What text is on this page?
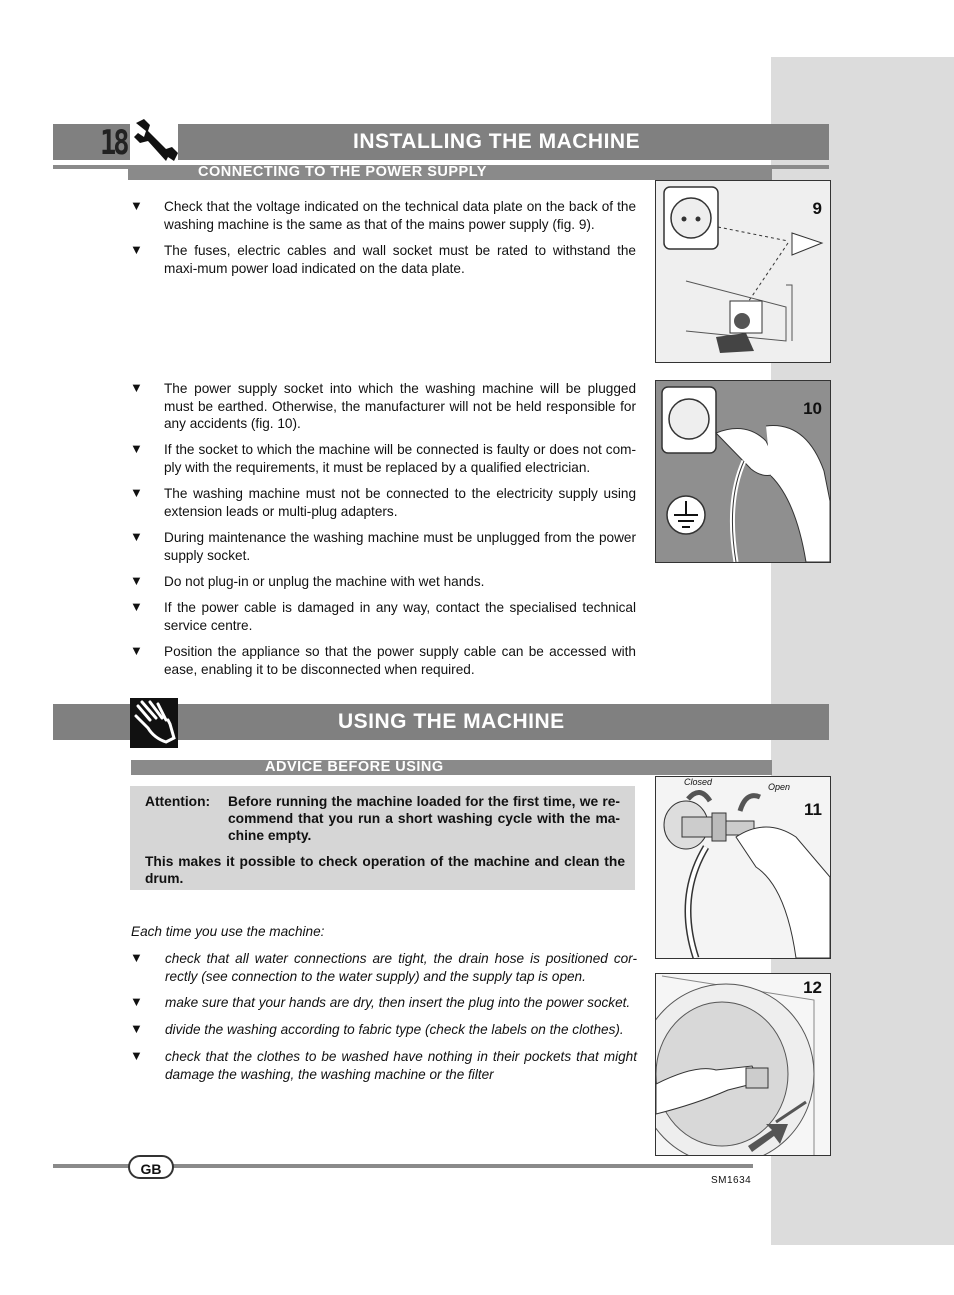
INSTALLING THE MACHINE
18
CONNECTING TO THE POWER SUPPLY
▼ Check that the voltage indicated on the technical data plate on the back of the washing machine is the same as that of the mains power supply (fig. 9).
▼ The fuses, electric cables and wall socket must be rated to withstand the maxi-mum power load indicated on the data plate.
▼ The power supply socket into which the washing machine will be plugged must be earthed. Otherwise, the manufacturer will not be held responsible for any accidents (fig. 10).
▼ If the socket to which the machine will be connected is faulty or does not com-ply with the requirements, it must be replaced by a qualified electrician.
▼ The washing machine must not be connected to the electricity supply using extension leads or multi-plug adapters.
▼ During maintenance the washing machine must be unplugged from the power supply socket.
▼ Do not plug-in or unplug the machine with wet hands.
▼ If the power cable is damaged in any way, contact the specialised technical service centre.
▼ Position the appliance so that the power supply cable can be accessed with ease, enabling it to be disconnected when required.
9
10
USING THE MACHINE
ADVICE BEFORE USING
Attention: Before running the machine loaded for the first time, we re-commend that you run a short washing cycle with the ma-chine empty.
This makes it possible to check operation of the machine and clean the drum.
Each time you use the machine:
▼ check that all water connections are tight, the drain hose is positioned cor-rectly (see connection to the water supply) and the supply tap is open.
▼ make sure that your hands are dry, then insert the plug into the power socket.
▼ divide the washing according to fabric type (check the labels on the clothes).
▼ check that the clothes to be washed have nothing in their pockets that might damage the washing, the washing machine or the filter
Closed	Open
11
12
GB
SM1634
